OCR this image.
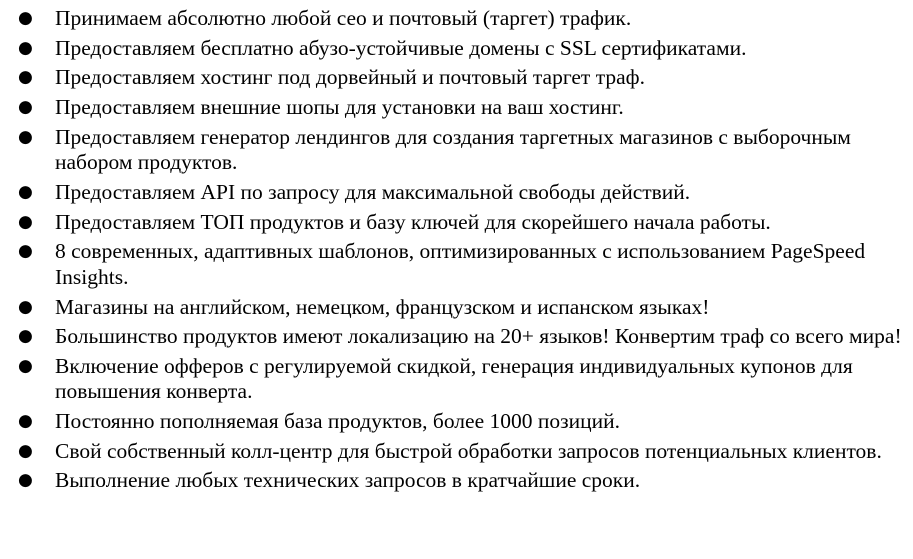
● Принимаем абсолютно любой сео и почтовый (таргет) трафик.
● Предоставляем бесплатно абузо-устойчивые домены с SSL сертификатами.
● Предоставляем хостинг под дорвейный и почтовый таргет траф.
● Предоставляем внешние шопы для установки на ваш хостинг.
● Предоставляем генератор лендингов для создания таргетных магазинов с выборочным набором продуктов.
● Предоставляем API по запросу для максимальной свободы действий.
● Предоставляем ТОП продуктов и базу ключей для скорейшего начала работы.
● 8 современных, адаптивных шаблонов, оптимизированных с использованием PageSpeed Insights.
● Магазины на английском, немецком, французском и испанском языках!
● Большинство продуктов имеют локализацию на 20+ языков! Конвертим траф со всего мира!
● Включение офферов с регулируемой скидкой, генерация индивидуальных купонов для повышения конверта.
● Постоянно пополняемая база продуктов, более 1000 позиций.
● Свой собственный колл-центр для быстрой обработки запросов потенциальных клиентов.
● Выполнение любых технических запросов в кратчайшие сроки.
